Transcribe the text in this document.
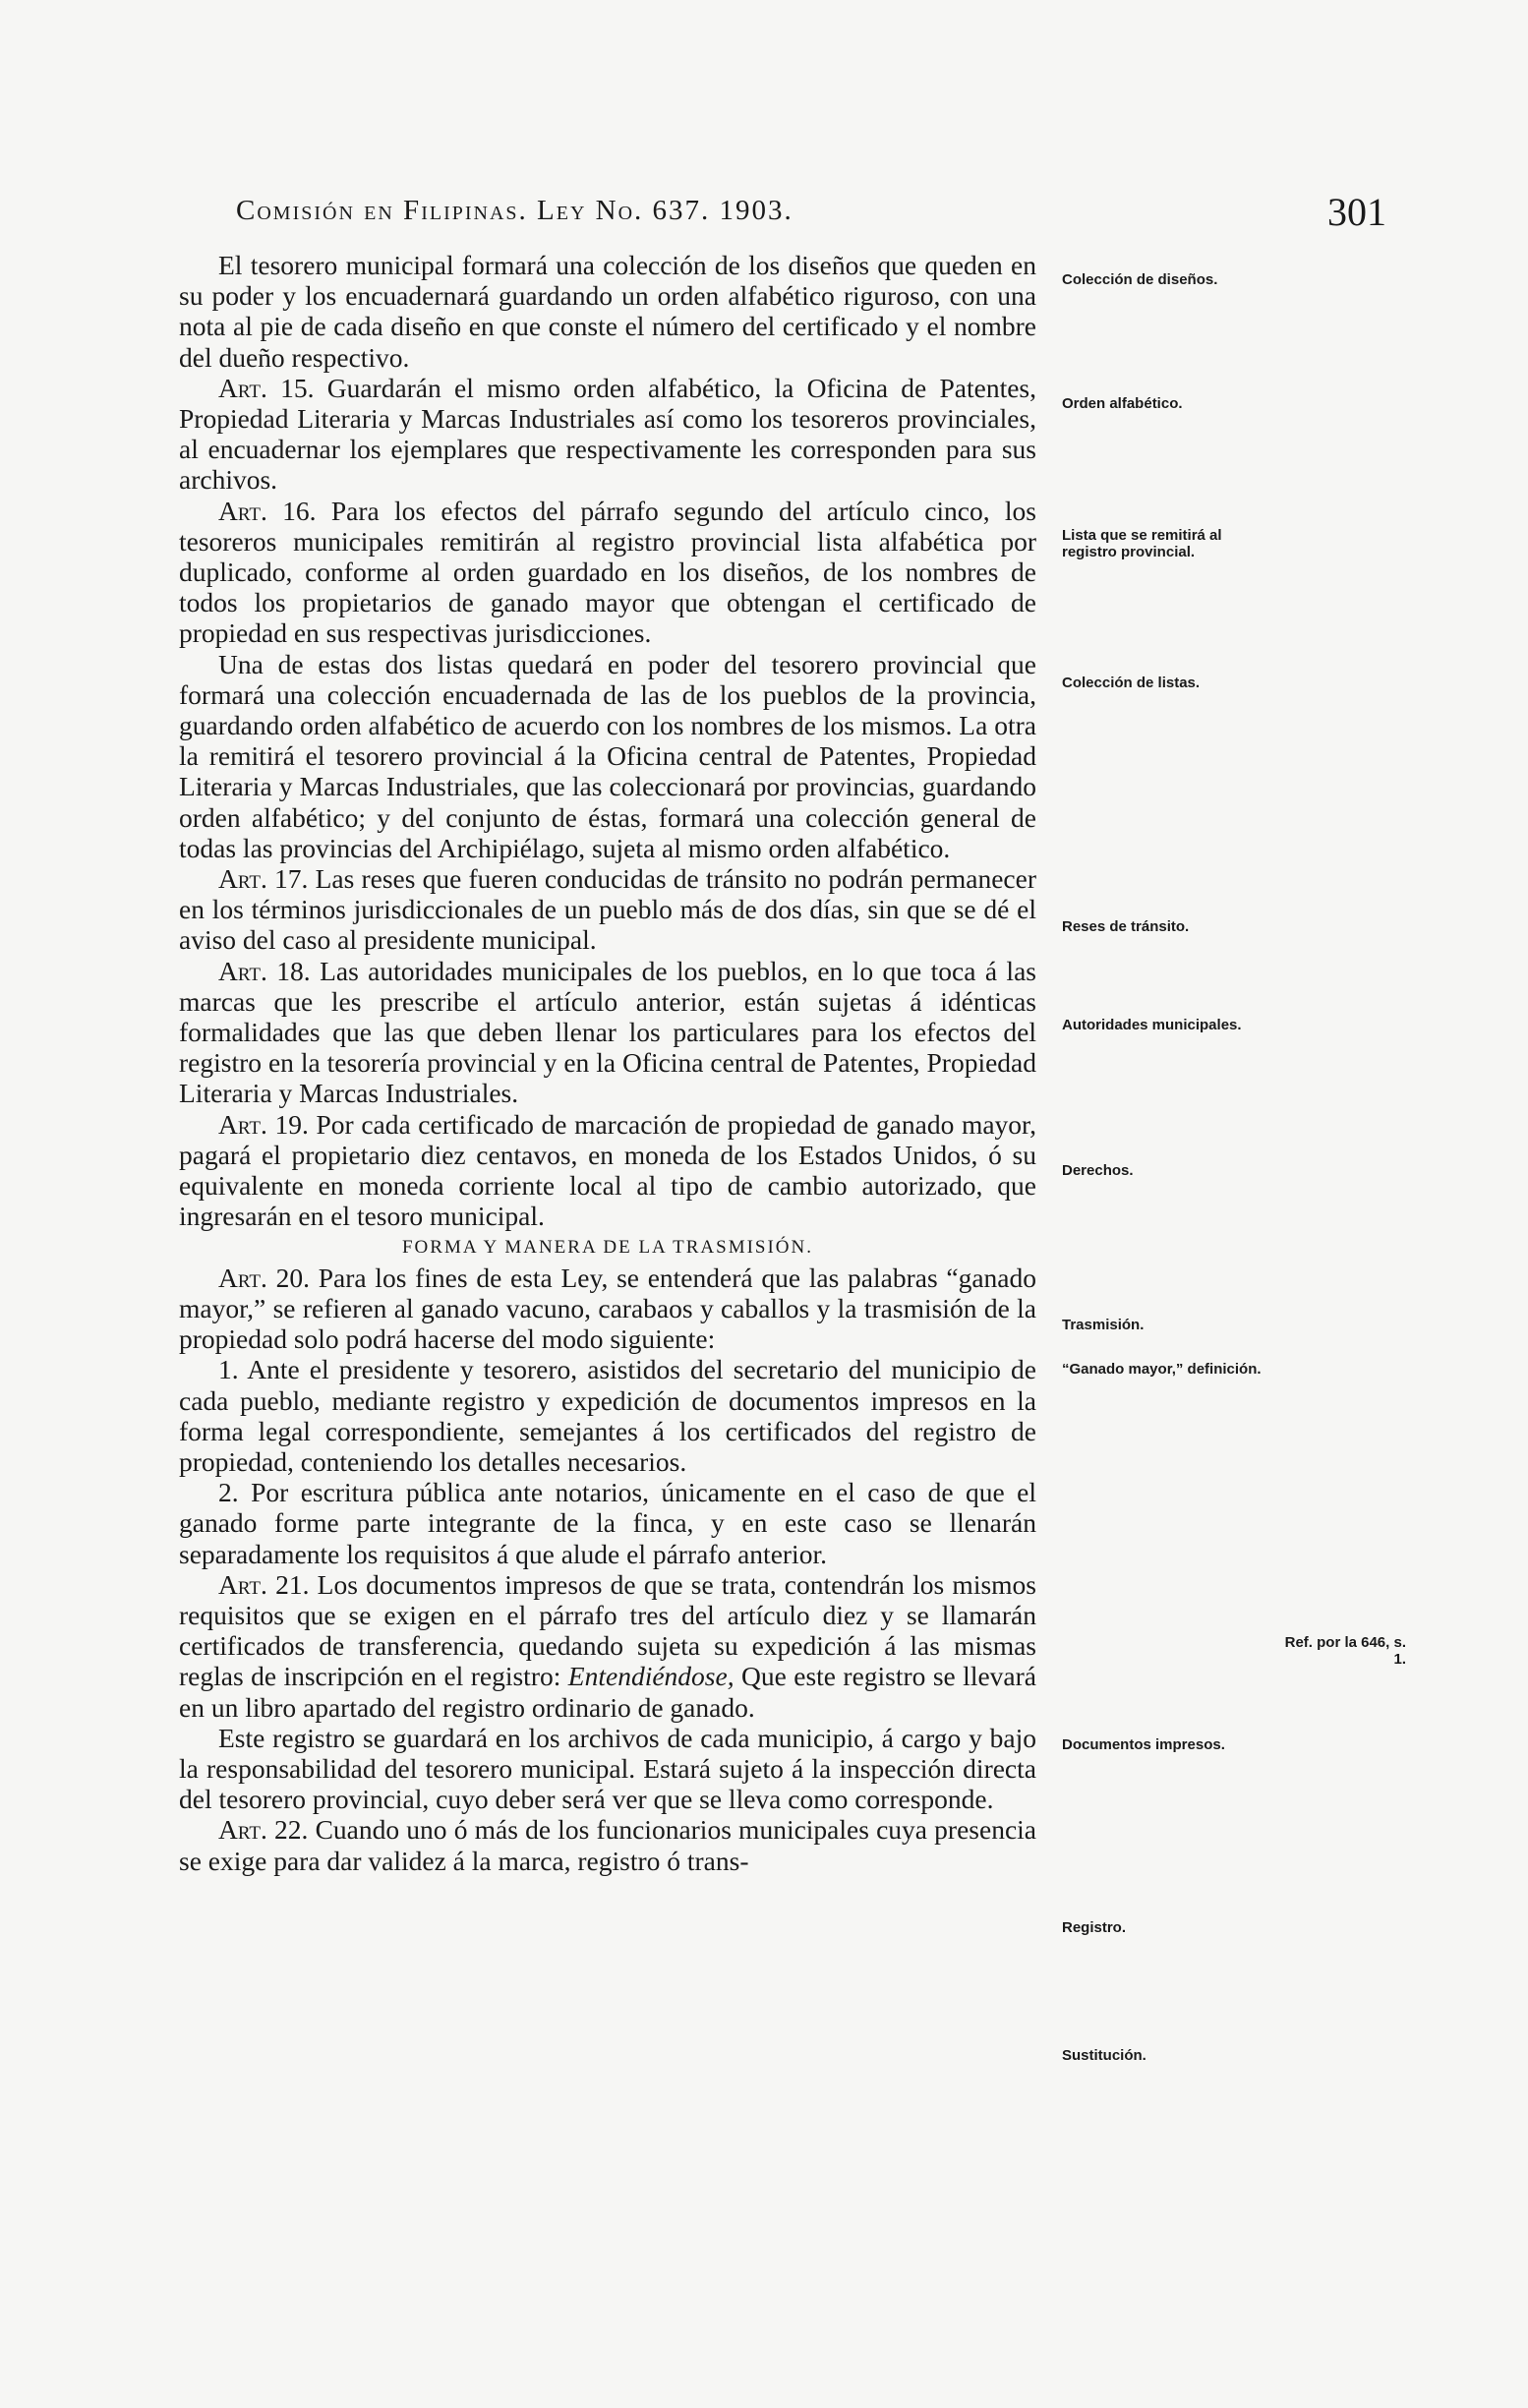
Comisión en Filipinas. Ley No. 637. 1903.	301

El tesorero municipal formará una colección de los diseños que queden en su poder y los encuadernará guardando un orden alfabético riguroso, con una nota al pie de cada diseño en que conste el número del certificado y el nombre del dueño respectivo.

Art. 15. Guardarán el mismo orden alfabético, la Oficina de Patentes, Propiedad Literaria y Marcas Industriales así como los tesoreros provinciales, al encuadernar los ejemplares que respectivamente les corresponden para sus archivos.

Art. 16. Para los efectos del párrafo segundo del artículo cinco, los tesoreros municipales remitirán al registro provincial lista alfabética por duplicado, conforme al orden guardado en los diseños, de los nombres de todos los propietarios de ganado mayor que obtengan el certificado de propiedad en sus respectivas jurisdicciones.

Una de estas dos listas quedará en poder del tesorero provincial que formará una colección encuadernada de las de los pueblos de la provincia, guardando orden alfabético de acuerdo con los nombres de los mismos. La otra la remitirá el tesorero provincial á la Oficina central de Patentes, Propiedad Literaria y Marcas Industriales, que las coleccionará por provincias, guardando orden alfabético; y del conjunto de éstas, formará una colección general de todas las provincias del Archipiélago, sujeta al mismo orden alfabético.

Art. 17. Las reses que fueren conducidas de tránsito no podrán permanecer en los términos jurisdiccionales de un pueblo más de dos días, sin que se dé el aviso del caso al presidente municipal.

Art. 18. Las autoridades municipales de los pueblos, en lo que toca á las marcas que les prescribe el artículo anterior, están sujetas á idénticas formalidades que las que deben llenar los particulares para los efectos del registro en la tesorería provincial y en la Oficina central de Patentes, Propiedad Literaria y Marcas Industriales.

Art. 19. Por cada certificado de marcación de propiedad de ganado mayor, pagará el propietario diez centavos, en moneda de los Estados Unidos, ó su equivalente en moneda corriente local al tipo de cambio autorizado, que ingresarán en el tesoro municipal.

FORMA Y MANERA DE LA TRASMISIÓN.

Art. 20. Para los fines de esta Ley, se entenderá que las palabras “ganado mayor,” se refieren al ganado vacuno, carabaos y caballos y la trasmisión de la propiedad solo podrá hacerse del modo siguiente:

1. Ante el presidente y tesorero, asistidos del secretario del municipio de cada pueblo, mediante registro y expedición de documentos impresos en la forma legal correspondiente, semejantes á los certificados del registro de propiedad, conteniendo los detalles necesarios.

2. Por escritura pública ante notarios, únicamente en el caso de que el ganado forme parte integrante de la finca, y en este caso se llenarán separadamente los requisitos á que alude el párrafo anterior.

Art. 21. Los documentos impresos de que se trata, contendrán los mismos requisitos que se exigen en el párrafo tres del artículo diez y se llamarán certificados de transferencia, quedando sujeta su expedición á las mismas reglas de inscripción en el registro: Entendiéndose, Que este registro se llevará en un libro apartado del registro ordinario de ganado.

Este registro se guardará en los archivos de cada municipio, á cargo y bajo la responsabilidad del tesorero municipal. Estará sujeto á la inspección directa del tesorero provincial, cuyo deber será ver que se lleva como corresponde.

Art. 22. Cuando uno ó más de los funcionarios municipales cuya presencia se exige para dar validez á la marca, registro ó trans-

Colección de diseños.
Orden alfabético.
Lista que se remitirá al registro provincial.
Colección de listas.
Reses de tránsito.
Autoridades municipales.
Derechos.
Trasmisión.
“Ganado mayor,” definición.
Documentos impresos.
Registro.
Sustitución.
Ref. por la 646, s. 1.
